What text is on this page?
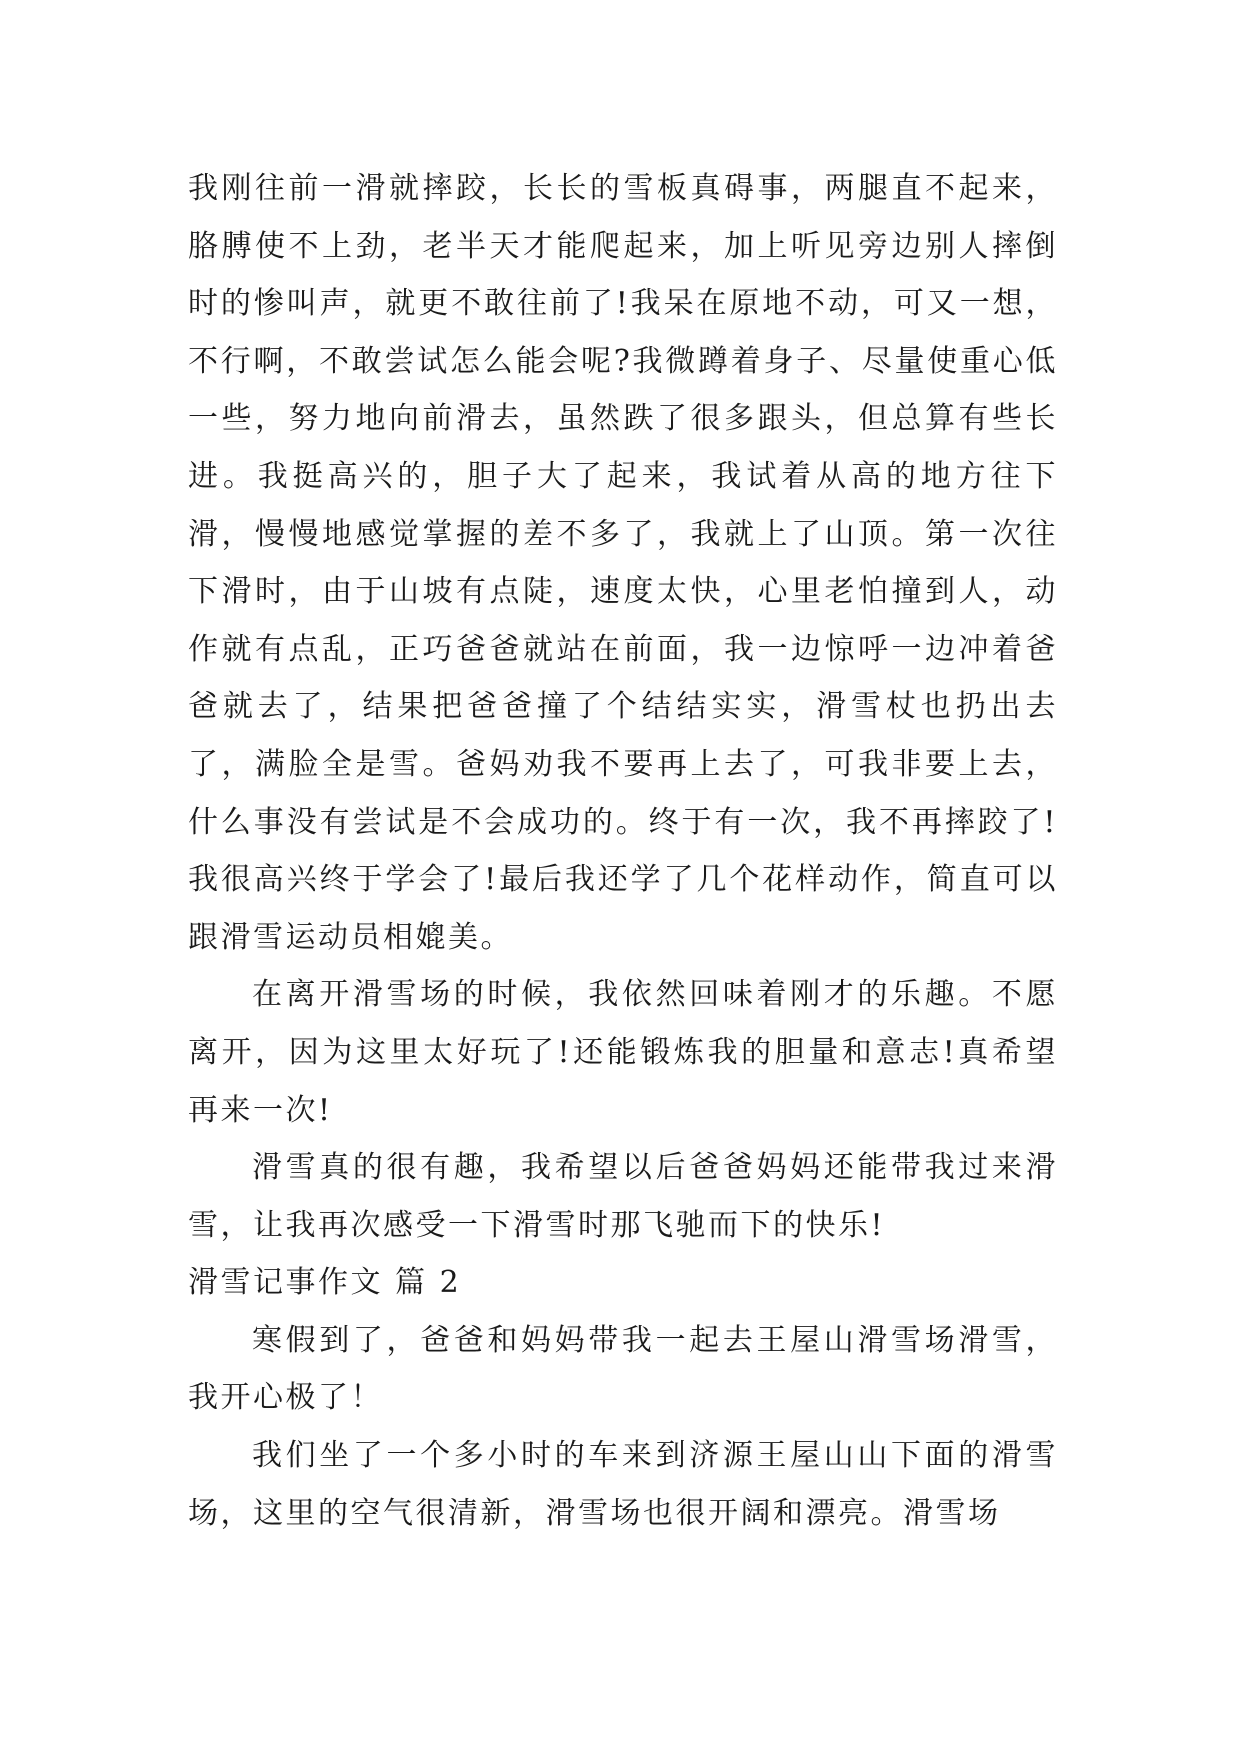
我刚往前一滑就摔跤，长长的雪板真碍事，两腿直不起来，胳膊使不上劲，老半天才能爬起来，加上听见旁边别人摔倒时的惨叫声，就更不敢往前了!我呆在原地不动，可又一想，不行啊，不敢尝试怎么能会呢?我微蹲着身子、尽量使重心低一些，努力地向前滑去，虽然跌了很多跟头，但总算有些长进。我挺高兴的，胆子大了起来，我试着从高的地方往下滑，慢慢地感觉掌握的差不多了，我就上了山顶。第一次往下滑时，由于山坡有点陡，速度太快，心里老怕撞到人，动作就有点乱，正巧爸爸就站在前面，我一边惊呼一边冲着爸爸就去了，结果把爸爸撞了个结结实实，滑雪杖也扔出去了，满脸全是雪。爸妈劝我不要再上去了，可我非要上去，什么事没有尝试是不会成功的。终于有一次，我不再摔跤了!我很高兴终于学会了!最后我还学了几个花样动作，简直可以跟滑雪运动员相媲美。

在离开滑雪场的时候，我依然回味着刚才的乐趣。不愿离开，因为这里太好玩了!还能锻炼我的胆量和意志!真希望再来一次!

滑雪真的很有趣，我希望以后爸爸妈妈还能带我过来滑雪，让我再次感受一下滑雪时那飞驰而下的快乐!

滑雪记事作文 篇 2

寒假到了，爸爸和妈妈带我一起去王屋山滑雪场滑雪，我开心极了！

我们坐了一个多小时的车来到济源王屋山山下面的滑雪场，这里的空气很清新，滑雪场也很开阔和漂亮。滑雪场
